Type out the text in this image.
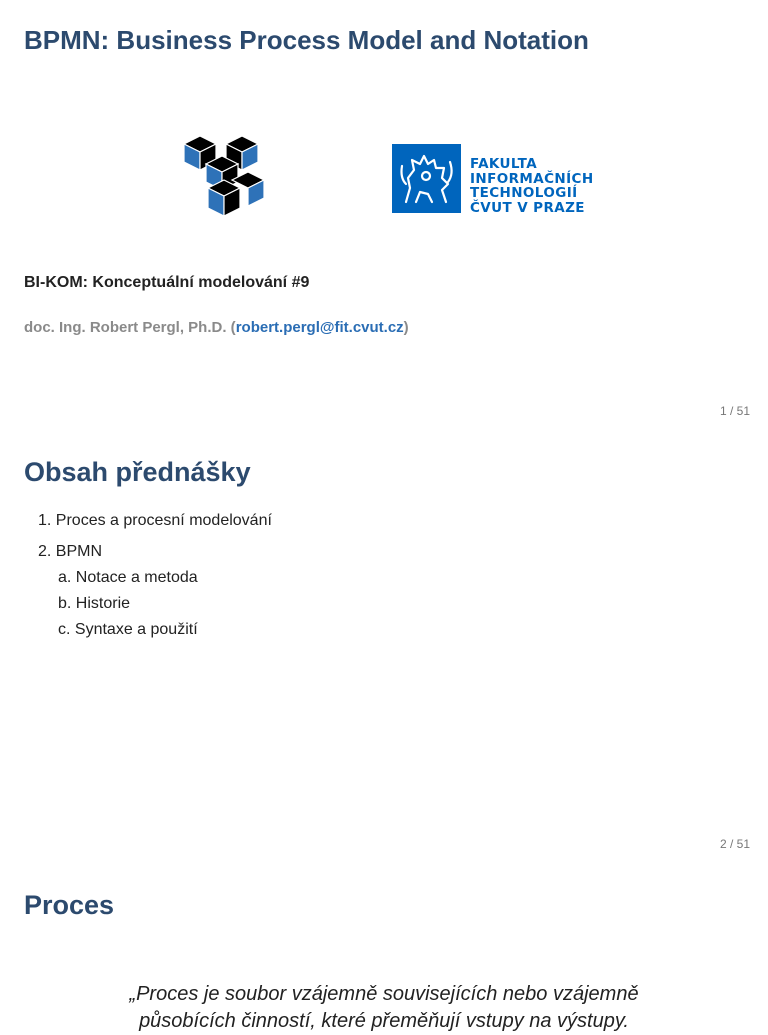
BPMN: Business Process Model and Notation
FAKULTA
INFORMAČNÍCH
TECHNOLOGIÍ
ČVUT V PRAZE
BI-KOM: Konceptuální modelování #9
doc. Ing. Robert Pergl, Ph.D. (robert.pergl@fit.cvut.cz)
1 / 51
Obsah přednášky
1. Proces a procesní modelování
2. BPMN
a. Notace a metoda
b. Historie
c. Syntaxe a použití
2 / 51
Proces
„Proces je soubor vzájemně souvisejících nebo vzájemně
působících činností, které přeměňují vstupy na výstupy.
